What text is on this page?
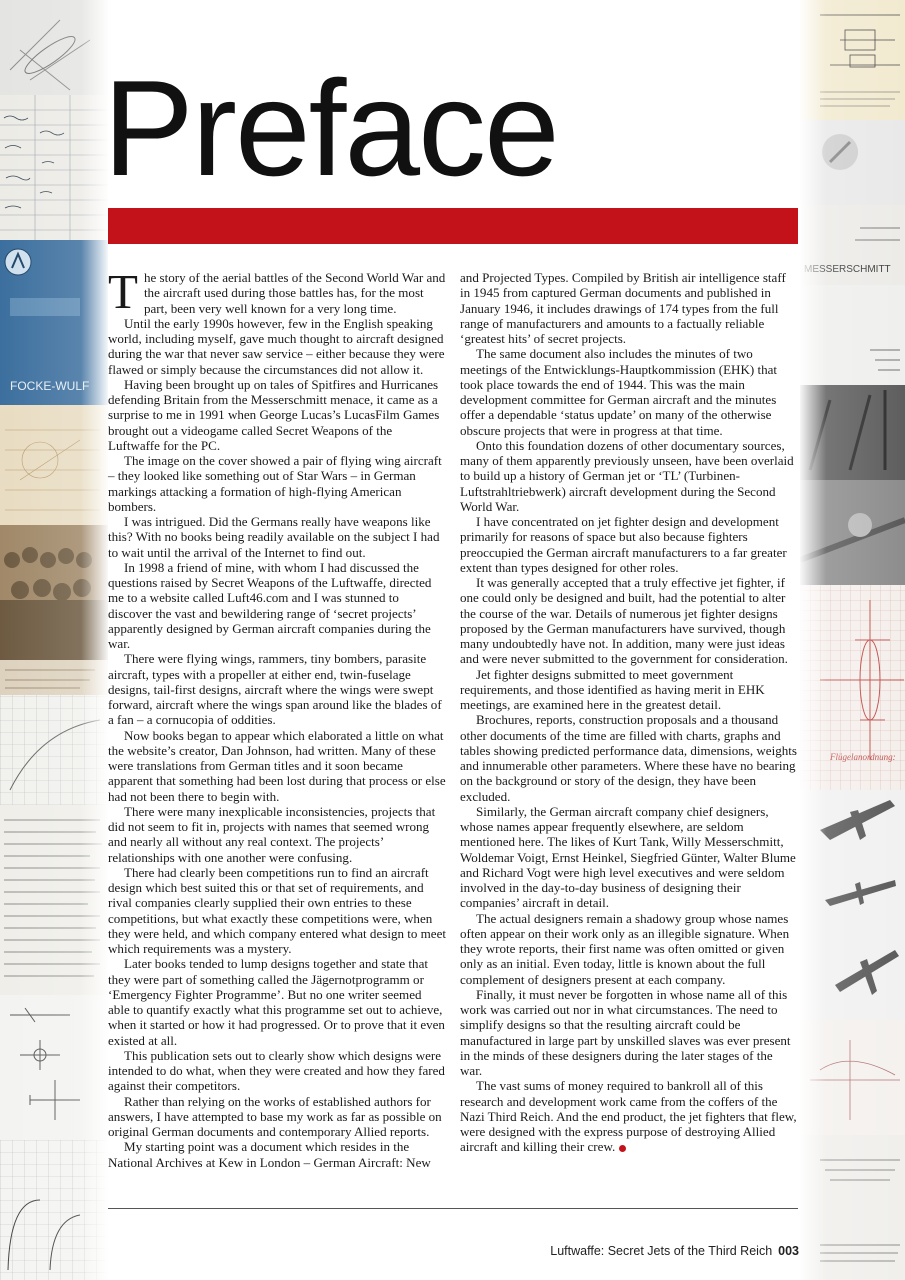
Preface

The story of the aerial battles of the Second World War and the aircraft used during those battles has, for the most part, been very well known for a very long time.

Until the early 1990s however, few in the English speaking world, including myself, gave much thought to aircraft designed during the war that never saw service – either because they were flawed or simply because the circumstances did not allow it.

Having been brought up on tales of Spitfires and Hurricanes defending Britain from the Messerschmitt menace, it came as a surprise to me in 1991 when George Lucas’s LucasFilm Games brought out a videogame called Secret Weapons of the Luftwaffe for the PC.

The image on the cover showed a pair of flying wing aircraft – they looked like something out of Star Wars – in German markings attacking a formation of high-flying American bombers.

I was intrigued. Did the Germans really have weapons like this? With no books being readily available on the subject I had to wait until the arrival of the Internet to find out.

In 1998 a friend of mine, with whom I had discussed the questions raised by Secret Weapons of the Luftwaffe, directed me to a website called Luft46.com and I was stunned to discover the vast and bewildering range of ‘secret projects’ apparently designed by German aircraft companies during the war.

There were flying wings, rammers, tiny bombers, parasite aircraft, types with a propeller at either end, twin-fuselage designs, tail-first designs, aircraft where the wings were swept forward, aircraft where the wings span around like the blades of a fan – a cornucopia of oddities.

Now books began to appear which elaborated a little on what the website’s creator, Dan Johnson, had written. Many of these were translations from German titles and it soon became apparent that something had been lost during that process or else had not been there to begin with.

There were many inexplicable inconsistencies, projects that did not seem to fit in, projects with names that seemed wrong and nearly all without any real context. The projects’ relationships with one another were confusing.

There had clearly been competitions run to find an aircraft design which best suited this or that set of requirements, and rival companies clearly supplied their own entries to these competitions, but what exactly these competitions were, when they were held, and which company entered what design to meet which requirements was a mystery.

Later books tended to lump designs together and state that they were part of something called the Jägernotprogramm or ‘Emergency Fighter Programme’. But no one writer seemed able to quantify exactly what this programme set out to achieve, when it started or how it had progressed. Or to prove that it even existed at all.

This publication sets out to clearly show which designs were intended to do what, when they were created and how they fared against their competitors.

Rather than relying on the works of established authors for answers, I have attempted to base my work as far as possible on original German documents and contemporary Allied reports.

My starting point was a document which resides in the National Archives at Kew in London – German Aircraft: New

and Projected Types. Compiled by British air intelligence staff in 1945 from captured German documents and published in January 1946, it includes drawings of 174 types from the full range of manufacturers and amounts to a factually reliable ‘greatest hits’ of secret projects.

The same document also includes the minutes of two meetings of the Entwicklungs-Hauptkommission (EHK) that took place towards the end of 1944. This was the main development committee for German aircraft and the minutes offer a dependable ‘status update’ on many of the otherwise obscure projects that were in progress at that time.

Onto this foundation dozens of other documentary sources, many of them apparently previously unseen, have been overlaid to build up a history of German jet or ‘TL’ (Turbinen-Luftstrahltriebwerk) aircraft development during the Second World War.

I have concentrated on jet fighter design and development primarily for reasons of space but also because fighters preoccupied the German aircraft manufacturers to a far greater extent than types designed for other roles.

It was generally accepted that a truly effective jet fighter, if one could only be designed and built, had the potential to alter the course of the war. Details of numerous jet fighter designs proposed by the German manufacturers have survived, though many undoubtedly have not. In addition, many were just ideas and were never submitted to the government for consideration.

Jet fighter designs submitted to meet government requirements, and those identified as having merit in EHK meetings, are examined here in the greatest detail.

Brochures, reports, construction proposals and a thousand other documents of the time are filled with charts, graphs and tables showing predicted performance data, dimensions, weights and innumerable other parameters. Where these have no bearing on the background or story of the design, they have been excluded.

Similarly, the German aircraft company chief designers, whose names appear frequently elsewhere, are seldom mentioned here. The likes of Kurt Tank, Willy Messerschmitt, Woldemar Voigt, Ernst Heinkel, Siegfried Günter, Walter Blume and Richard Vogt were high level executives and were seldom involved in the day-to-day business of designing their companies’ aircraft in detail.

The actual designers remain a shadowy group whose names often appear on their work only as an illegible signature. When they wrote reports, their first name was often omitted or given only as an initial. Even today, little is known about the full complement of designers present at each company.

Finally, it must never be forgotten in whose name all of this work was carried out nor in what circumstances. The need to simplify designs so that the resulting aircraft could be manufactured in large part by unskilled slaves was ever present in the minds of these designers during the later stages of the war.

The vast sums of money required to bankroll all of this research and development work came from the coffers of the Nazi Third Reich. And the end product, the jet fighters that flew, were designed with the express purpose of destroying Allied aircraft and killing their crew.

Luftwaffe: Secret Jets of the Third Reich 003
